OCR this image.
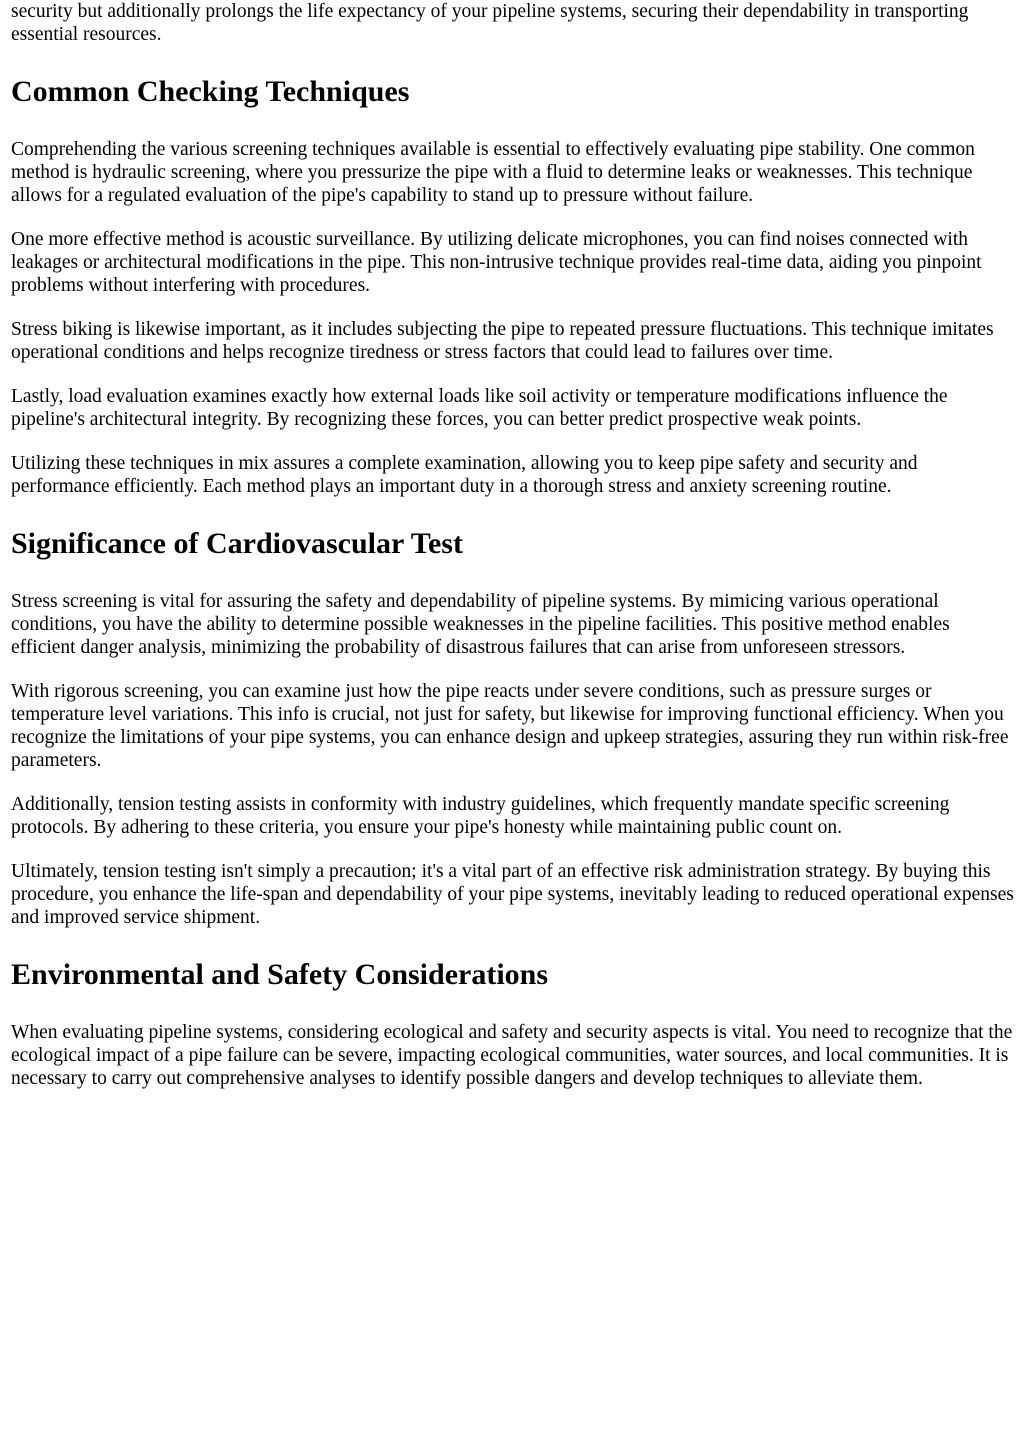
security but additionally prolongs the life expectancy of your pipeline systems, securing their dependability in transporting essential resources.

Common Checking Techniques

Comprehending the various screening techniques available is essential to effectively evaluating pipe stability. One common method is hydraulic screening, where you pressurize the pipe with a fluid to determine leaks or weaknesses. This technique allows for a regulated evaluation of the pipe's capability to stand up to pressure without failure.

One more effective method is acoustic surveillance. By utilizing delicate microphones, you can find noises connected with leakages or architectural modifications in the pipe. This non-intrusive technique provides real-time data, aiding you pinpoint problems without interfering with procedures.

Stress biking is likewise important, as it includes subjecting the pipe to repeated pressure fluctuations. This technique imitates operational conditions and helps recognize tiredness or stress factors that could lead to failures over time.

Lastly, load evaluation examines exactly how external loads like soil activity or temperature modifications influence the pipeline's architectural integrity. By recognizing these forces, you can better predict prospective weak points.

Utilizing these techniques in mix assures a complete examination, allowing you to keep pipe safety and security and performance efficiently. Each method plays an important duty in a thorough stress and anxiety screening routine.

Significance of Cardiovascular Test

Stress screening is vital for assuring the safety and dependability of pipeline systems. By mimicing various operational conditions, you have the ability to determine possible weaknesses in the pipeline facilities. This positive method enables efficient danger analysis, minimizing the probability of disastrous failures that can arise from unforeseen stressors.

With rigorous screening, you can examine just how the pipe reacts under severe conditions, such as pressure surges or temperature level variations. This info is crucial, not just for safety, but likewise for improving functional efficiency. When you recognize the limitations of your pipe systems, you can enhance design and upkeep strategies, assuring they run within risk-free parameters.

Additionally, tension testing assists in conformity with industry guidelines, which frequently mandate specific screening protocols. By adhering to these criteria, you ensure your pipe's honesty while maintaining public count on.

Ultimately, tension testing isn't simply a precaution; it's a vital part of an effective risk administration strategy. By buying this procedure, you enhance the life-span and dependability of your pipe systems, inevitably leading to reduced operational expenses and improved service shipment.

Environmental and Safety Considerations

When evaluating pipeline systems, considering ecological and safety and security aspects is vital. You need to recognize that the ecological impact of a pipe failure can be severe, impacting ecological communities, water sources, and local communities. It is necessary to carry out comprehensive analyses to identify possible dangers and develop techniques to alleviate them.
